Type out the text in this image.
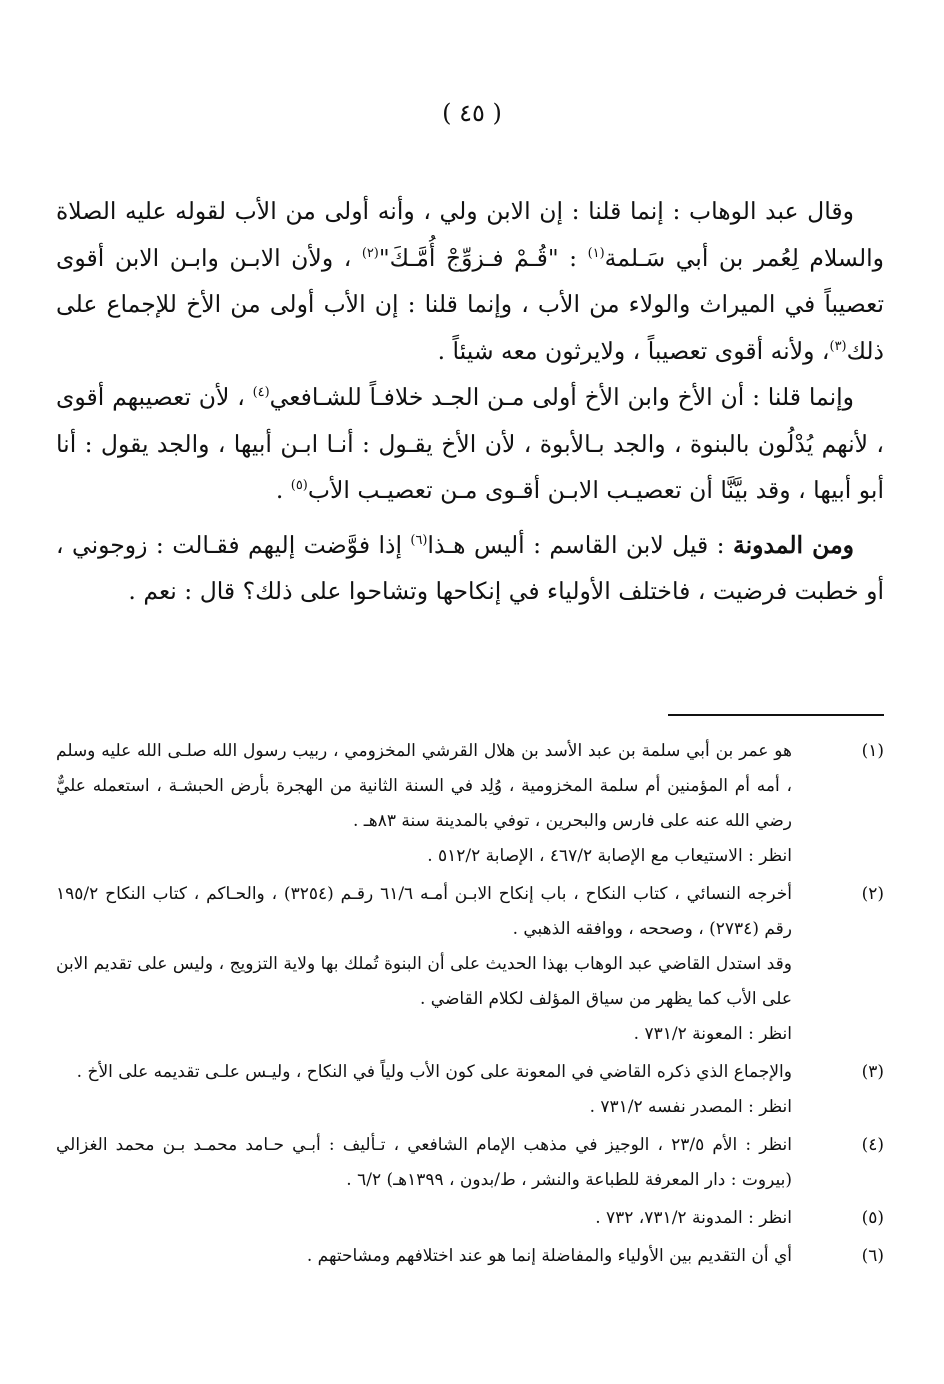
( ٤٥ )

وقال عبد الوهاب : إنما قلنا : إن الابن ولي ، وأنه أولى من الأب لقوله عليه الصلاة والسلام لِعُمر بن أبي سَـلمة$^{(١)}$ : "قُـمْ فـزوِّجْ أُمَّـكَ"$^{(٢)}$ ، ولأن الابـن وابـن الابن أقوى تعصيباً في الميراث والولاء من الأب ، وإنما قلنا : إن الأب أولى من الأخ للإجماع على ذلك$^{(٣)}$، ولأنه أقوى تعصيباً ، ولايرثون معه شيئاً .

وإنما قلنا : أن الأخ وابن الأخ أولى مـن الجـد خلافـاً للشـافعي$^{(٤)}$ ، لأن تعصيبهم أقوى ، لأنهم يُدْلُون بالبنوة ، والجد بـالأبوة ، لأن الأخ يقـول : أنـا ابـن أبيها ، والجد يقول : أنا أبو أبيها ، وقد بيَّنَّا أن تعصيـب الابـن أقـوى مـن تعصيـب الأب$^{(٥)}$ .

ومن المدونة : قيل لابن القاسم : أليس هـذا$^{(٦)}$ إذا فوَّضت إليهم فقـالت : زوجوني ، أو خطبت فرضيت ، فاختلف الأولياء في إنكاحها وتشاحوا على ذلك؟ قال : نعم .

(١)
هو عمر بن أبي سلمة بن عبد الأسد بن هلال القرشي المخزومي ، ربيب رسول الله صلـى الله عليه وسلم ، أمه أم المؤمنين أم سلمة المخزومية ، وُلِد في السنة الثانية من الهجرة بأرض الحبشـة ، استعمله عليٌّ رضي الله عنه على فارس والبحرين ، توفي بالمدينة سنة ٨٣هـ .
انظر : الاستيعاب مع الإصابة ٤٦٧/٢ ، الإصابة ٥١٢/٢ .
(٢)
أخرجه النسائي ، كتاب النكاح ، باب إنكاح الابـن أمـه ٦١/٦ رقـم (٣٢٥٤) ، والحـاكم ، كتاب النكاح ١٩٥/٢ رقم (٢٧٣٤) ، وصححه ، ووافقه الذهبي .
وقد استدل القاضي عبد الوهاب بهذا الحديث على أن البنوة تُملك بها ولاية التزويج ، وليس على تقديم الابن على الأب كما يظهر من سياق المؤلف لكلام القاضي .
انظر : المعونة ٧٣١/٢ .
(٣)
والإجماع الذي ذكره القاضي في المعونة على كون الأب ولياً في النكاح ، وليـس علـى تقديمه على الأخ .
انظر : المصدر نفسه ٧٣١/٢ .
(٤)
انظر : الأم ٢٣/٥ ، الوجيز في مذهب الإمام الشافعي ، تـأليف : أبـي حـامد محمـد بـن محمد الغزالي (بيروت : دار المعرفة للطباعة والنشر ، ط/بدون ، ١٣٩٩هـ) ٦/٢ .
(٥)
انظر : المدونة ٧٣١/٢، ٧٣٢ .
(٦)
أي أن التقديم بين الأولياء والمفاضلة إنما هو عند اختلافهم ومشاحتهم .
